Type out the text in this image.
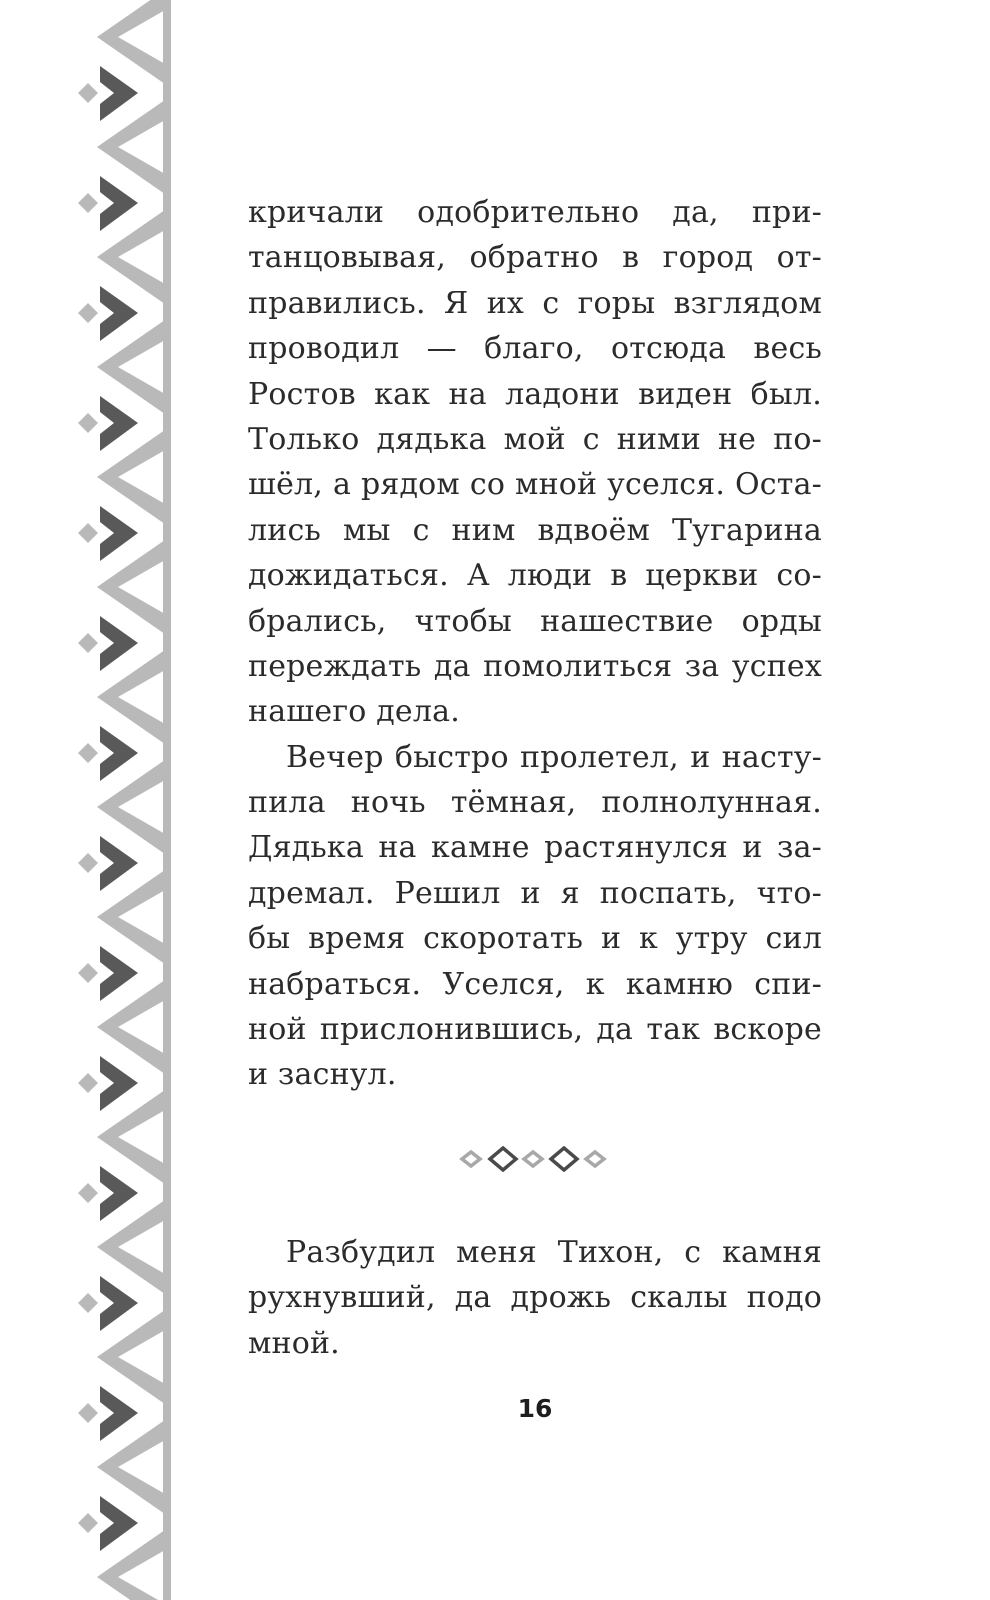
кричали одобрительно да, при-
танцовывая, обратно в город от-
правились. Я их с горы взглядом
проводил — благо, отсюда весь
Ростов как на ладони виден был.
Только дядька мой с ними не по-
шёл, а рядом со мной уселся. Оста-
лись мы с ним вдвоём Тугарина
дожидаться. А люди в церкви со-
брались, чтобы нашествие орды
переждать да помолиться за успех
нашего дела.
Вечер быстро пролетел, и насту-
пила ночь тёмная, полнолунная.
Дядька на камне растянулся и за-
дремал. Решил и я поспать, что-
бы время скоротать и к утру сил
набраться. Уселся, к камню спи-
ной прислонившись, да так вскоре
и заснул.
Разбудил меня Тихон, с камня
рухнувший, да дрожь скалы подо
мной.
16
